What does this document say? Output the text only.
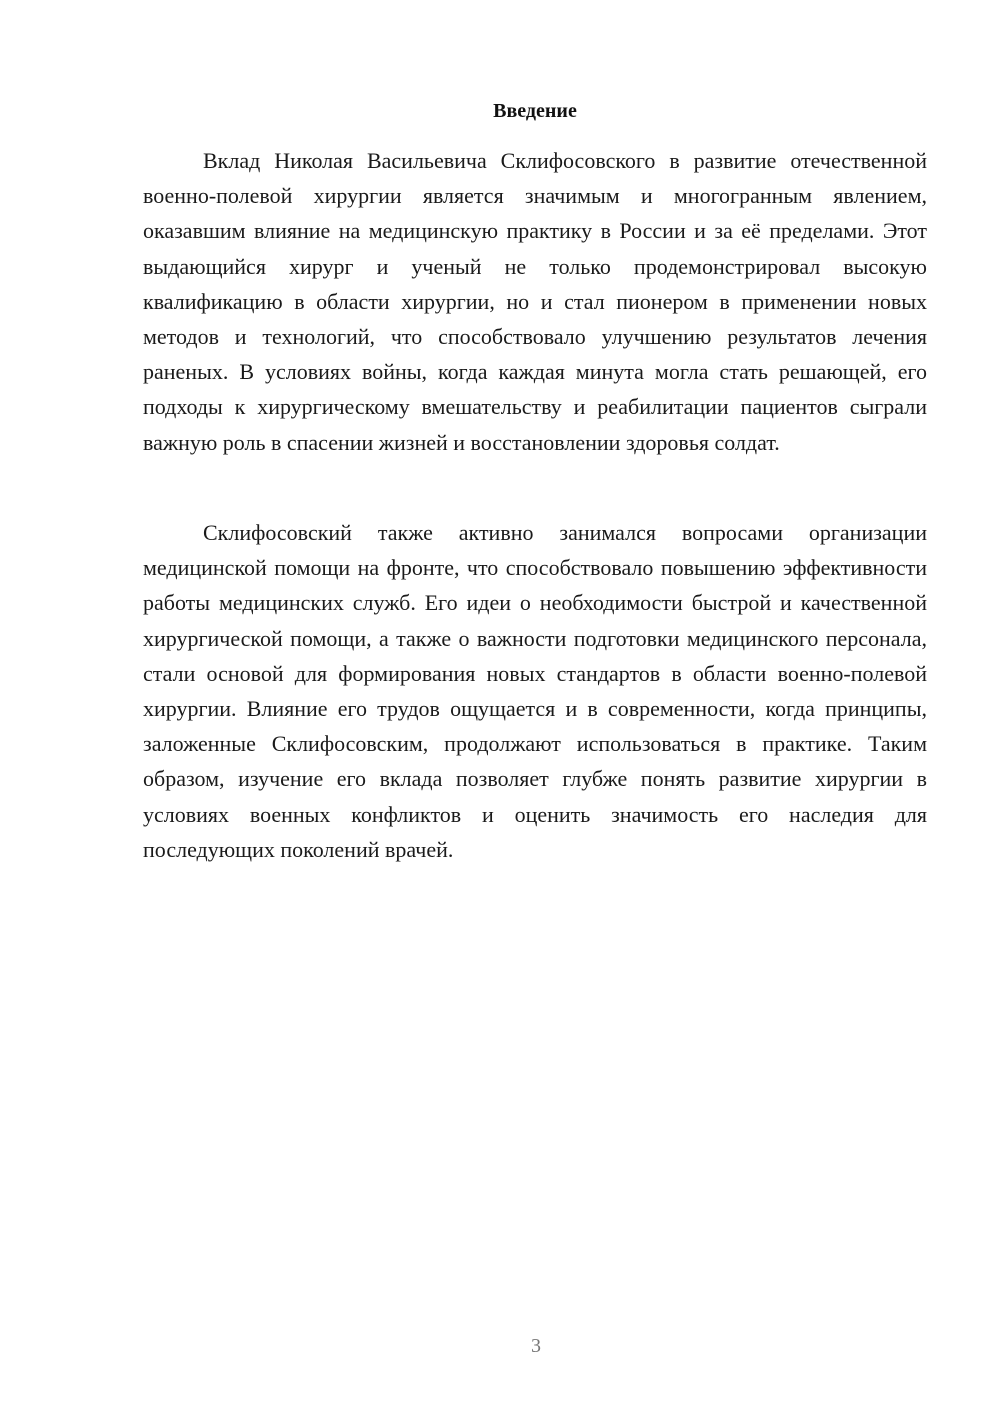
Введение

Вклад Николая Васильевича Склифосовского в развитие отечественной военно-полевой хирургии является значимым и многогранным явлением, оказавшим влияние на медицинскую практику в России и за её пределами. Этот выдающийся хирург и ученый не только продемонстрировал высокую квалификацию в области хирургии, но и стал пионером в применении новых методов и технологий, что способствовало улучшению результатов лечения раненых. В условиях войны, когда каждая минута могла стать решающей, его подходы к хирургическому вмешательству и реабилитации пациентов сыграли важную роль в спасении жизней и восстановлении здоровья солдат.

Склифосовский также активно занимался вопросами организации медицинской помощи на фронте, что способствовало повышению эффективности работы медицинских служб. Его идеи о необходимости быстрой и качественной хирургической помощи, а также о важности подготовки медицинского персонала, стали основой для формирования новых стандартов в области военно-полевой хирургии. Влияние его трудов ощущается и в современности, когда принципы, заложенные Склифосовским, продолжают использоваться в практике. Таким образом, изучение его вклада позволяет глубже понять развитие хирургии в условиях военных конфликтов и оценить значимость его наследия для последующих поколений врачей.

3
